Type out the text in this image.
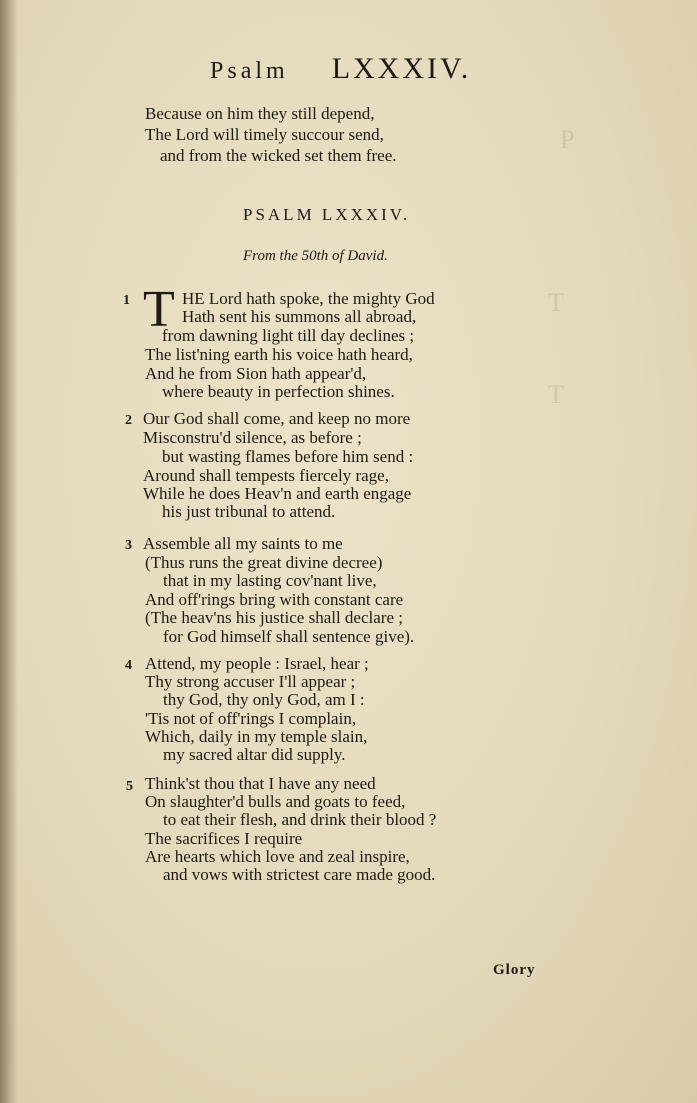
P
T
T
Psalm LXXXIV.
Because on him they still depend,
The Lord will timely succour send,
and from the wicked set them free.
PSALM LXXXIV.
From the 50th of David.
1 T HE Lord hath spoke, the mighty God
Hath sent his summons all abroad,
from dawning light till day declines ;
The list'ning earth his voice hath heard,
And he from Sion hath appear'd,
where beauty in perfection shines.
2 Our God shall come, and keep no more
Misconstru'd silence, as before ;
but wasting flames before him send :
Around shall tempests fiercely rage,
While he does Heav'n and earth engage
his just tribunal to attend.
3 Assemble all my saints to me
(Thus runs the great divine decree)
that in my lasting cov'nant live,
And off'rings bring with constant care
(The heav'ns his justice shall declare ;
for God himself shall sentence give).
4 Attend, my people : Israel, hear ;
Thy strong accuser I'll appear ;
thy God, thy only God, am I :
'Tis not of off'rings I complain,
Which, daily in my temple slain,
my sacred altar did supply.
5 Think'st thou that I have any need
On slaughter'd bulls and goats to feed,
to eat their flesh, and drink their blood ?
The sacrifices I require
Are hearts which love and zeal inspire,
and vows with strictest care made good.
Glory
